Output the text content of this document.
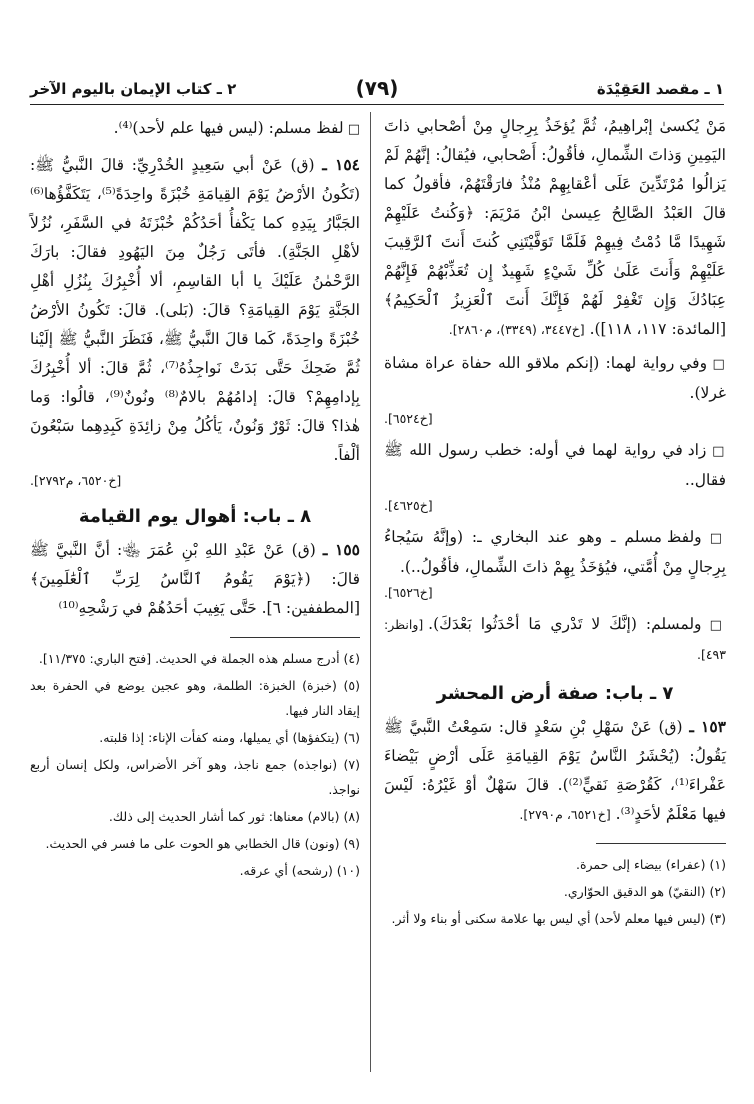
١ ـ مقصد العَقِيْدَة
(٧٩)
٢ ـ كتاب الإيمان باليوم الآخر

مَنْ يُكسىٰ إبْراهِيمُ، ثُمَّ يُؤخَذُ بِرِجالٍ مِنْ أصْحابي ذاتَ اليَمِينِ وَذاتَ الشِّمالِ، فأقُولُ: أَصْحابي، فيُقالُ: إنَّهُمْ لَمْ يَزالُوا مُرْتَدِّينَ عَلَى أعْقابِهِمْ مُنْذُ فارَقْتَهُمْ، فأقولُ كما قالَ العَبْدُ الصَّالِحُ عِيسىٰ ابْنُ مَرْيَمَ: ﴿وَكُنتُ عَلَيْهِمْ شَهِيدًا مَّا دُمْتُ فِيهِمْ فَلَمَّا تَوَفَّيْتَنِي كُنتَ أَنتَ ٱلرَّقِيبَ عَلَيْهِمْ وَأَنتَ عَلَىٰ كُلِّ شَيْءٍ شَهِيدٌ إِن تُعَذِّبْهُمْ فَإِنَّهُمْ عِبَادُكَ وَإِن تَغْفِرْ لَهُمْ فَإِنَّكَ أَنتَ ٱلْعَزِيزُ ٱلْحَكِيمُ﴾ [المائدة: ١١٧، ١١٨]). [خ٣٤٤٧، (٣٣٤٩)، م٢٨٦٠].

□ وفي رواية لهما: (إنكم ملاقو الله حفاة عراة مشاة غرلا).
[خ٦٥٢٤].

□ زاد في رواية لهما في أوله: خطب رسول الله ﷺ فقال..
[خ٤٦٢٥].

□ ولفظ مسلم ـ وهو عند البخاري ـ: (وإنَّهُ سَيُجاءُ بِرِجالٍ مِنْ أُمَّتي، فيُؤخَذُ بِهِمْ ذاتَ الشِّمالِ، فأقُولُ..).
[خ٦٥٢٦].

□ ولمسلم: (إنَّكَ لا تَدْري مَا أحْدَثُوا بَعْدَكَ). [وانظر: ٤٩٣].

٧ ـ باب: صفة أرض المحشر

١٥٣ ـ (ق) عَنْ سَهْلِ بْنِ سَعْدٍ قال: سَمِعْتُ النَّبيَّ ﷺ يَقُولُ: (يُحْشَرُ النَّاسُ يَوْمَ القِيامَةِ عَلَى أرْضٍ بَيْضاءَ عَفْراءَ⁽¹⁾، كَقُرْصَةِ نَقيٍّ⁽²⁾). قالَ سَهْلٌ أوْ غَيْرُهُ: لَيْسَ فيها مَعْلَمٌ لأحَدٍ⁽³⁾. [خ٦٥٢١، م٢٧٩٠].

(١) (عفراء) بيضاء إلى حمرة.
(٢) (النقيّ) هو الدقيق الحوّاري.
(٣) (ليس فيها معلم لأحد) أي ليس بها علامة سكنى أو بناء ولا أثر.

□ لفظ مسلم: (ليس فيها علم لأحد)⁽⁴⁾.

١٥٤ ـ (ق) عَنْ أبي سَعِيدٍ الخُدْرِيِّ: قالَ النَّبيُّ ﷺ: (تَكُونُ الأرْضُ يَوْمَ القِيامَةِ خُبْزَةً واحِدَةً⁽⁵⁾، يَتَكَفَّؤُها⁽⁶⁾ الجَبَّارُ بِيَدِهِ كما يَكْفأُ أحَدُكُمْ خُبْزَتَهُ في السَّفَرِ، نُزُلاً لأهْلِ الجَنَّةِ). فأتَى رَجُلٌ مِنَ اليَهُودِ فقالَ: بارَكَ الرَّحْمٰنُ عَلَيْكَ يا أبا القاسِمِ، ألا أُخْبِرُكَ بِنُزُلِ أهْلِ الجَنَّةِ يَوْمَ القِيامَةِ؟ قالَ: (بَلى). قالَ: تَكُونُ الأرْضُ خُبْزَةً واحِدَةً، كَما قالَ النَّبيُّ ﷺ، فَنَظَرَ النَّبيُّ ﷺ إلَيْنا ثُمَّ ضَحِكَ حَتَّى بَدَتْ نَواجِذُهُ⁽⁷⁾، ثُمَّ قالَ: ألا أُخْبِرُكَ بِإدامِهِمْ؟ قالَ: إدامُهُمْ بالامٌ⁽⁸⁾ ونُونٌ⁽⁹⁾، قالُوا: وَما هٰذا؟ قالَ: ثَوْرٌ وَنُونٌ، يَأكُلُ مِنْ زائِدَةِ كَبِدِهِما سَبْعُونَ ألْفاً.
[خ٦٥٢٠، م٢٧٩٢].

٨ ـ باب: أهوال يوم القيامة

١٥٥ ـ (ق) عَنْ عَبْدِ اللهِ بْنِ عُمَرَ ﵄: أنَّ النَّبيَّ ﷺ قالَ: (﴿يَوْمَ يَقُومُ ٱلنَّاسُ لِرَبِّ ٱلْعَٰلَمِينَ﴾ [المطففين: ٦]. حَتَّى يَغِيبَ أحَدُهُمْ في رَشْحِهِ⁽¹⁰⁾

(٤) أدرج مسلم هذه الجملة في الحديث. [فتح الباري: ١١/٣٧٥].
(٥) (خبزة) الخبزة: الطلمة، وهو عجين يوضع في الحفرة بعد إيقاد النار فيها.
(٦) (يتكفؤها) أي يميلها، ومنه كفأت الإناء: إذا قلبته.
(٧) (نواجذه) جمع ناجذ، وهو آخر الأضراس، ولكل إنسان أربع نواجذ.
(٨) (بالام) معناها: ثور كما أشار الحديث إلى ذلك.
(٩) (ونون) قال الخطابي هو الحوت على ما فسر في الحديث.
(١٠) (رشحه) أي عرقه.
